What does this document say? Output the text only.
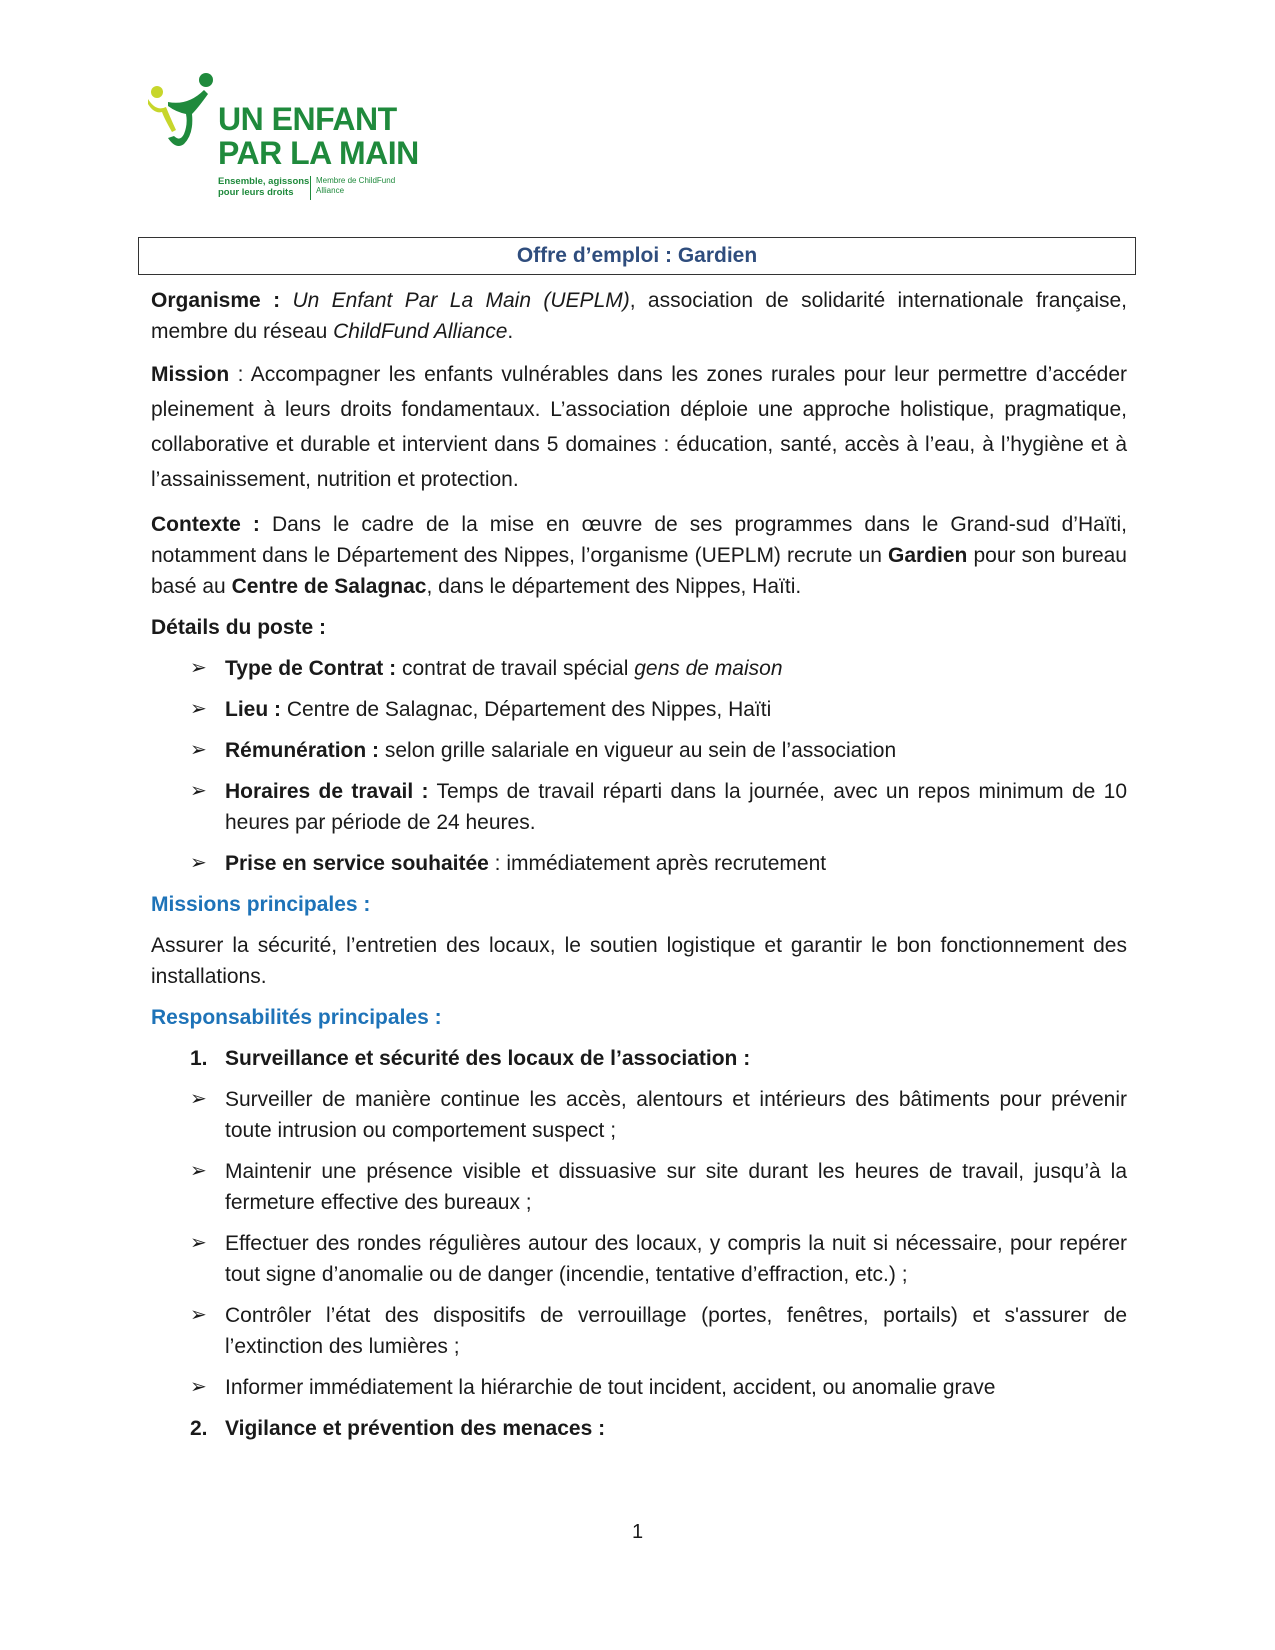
UN ENFANT
PAR LA MAIN
Ensemble, agissons pour leurs droits
Membre de ChildFund Alliance
Offre d’emploi : Gardien

Organisme : Un Enfant Par La Main (UEPLM), association de solidarité internationale française, membre du réseau ChildFund Alliance.

Mission : Accompagner les enfants vulnérables dans les zones rurales pour leur permettre d’accéder pleinement à leurs droits fondamentaux. L’association déploie une approche holistique, pragmatique, collaborative et durable et intervient dans 5 domaines : éducation, santé, accès à l’eau, à l’hygiène et à l’assainissement, nutrition et protection.

Contexte : Dans le cadre de la mise en œuvre de ses programmes dans le Grand-sud d’Haïti, notamment dans le Département des Nippes, l’organisme (UEPLM) recrute un Gardien pour son bureau basé au Centre de Salagnac, dans le département des Nippes, Haïti.

Détails du poste :

➢ Type de Contrat : contrat de travail spécial gens de maison
➢ Lieu : Centre de Salagnac, Département des Nippes, Haïti
➢ Rémunération : selon grille salariale en vigueur au sein de l’association
➢ Horaires de travail : Temps de travail réparti dans la journée, avec un repos minimum de 10 heures par période de 24 heures.
➢ Prise en service souhaitée : immédiatement après recrutement

Missions principales :

Assurer la sécurité, l’entretien des locaux, le soutien logistique et garantir le bon fonctionnement des installations.

Responsabilités principales :

1. Surveillance et sécurité des locaux de l’association :
➢ Surveiller de manière continue les accès, alentours et intérieurs des bâtiments pour prévenir toute intrusion ou comportement suspect ;
➢ Maintenir une présence visible et dissuasive sur site durant les heures de travail, jusqu’à la fermeture effective des bureaux ;
➢ Effectuer des rondes régulières autour des locaux, y compris la nuit si nécessaire, pour repérer tout signe d’anomalie ou de danger (incendie, tentative d’effraction, etc.) ;
➢ Contrôler l’état des dispositifs de verrouillage (portes, fenêtres, portails) et s'assurer de l’extinction des lumières ;
➢ Informer immédiatement la hiérarchie de tout incident, accident, ou anomalie grave
2. Vigilance et prévention des menaces :
1
